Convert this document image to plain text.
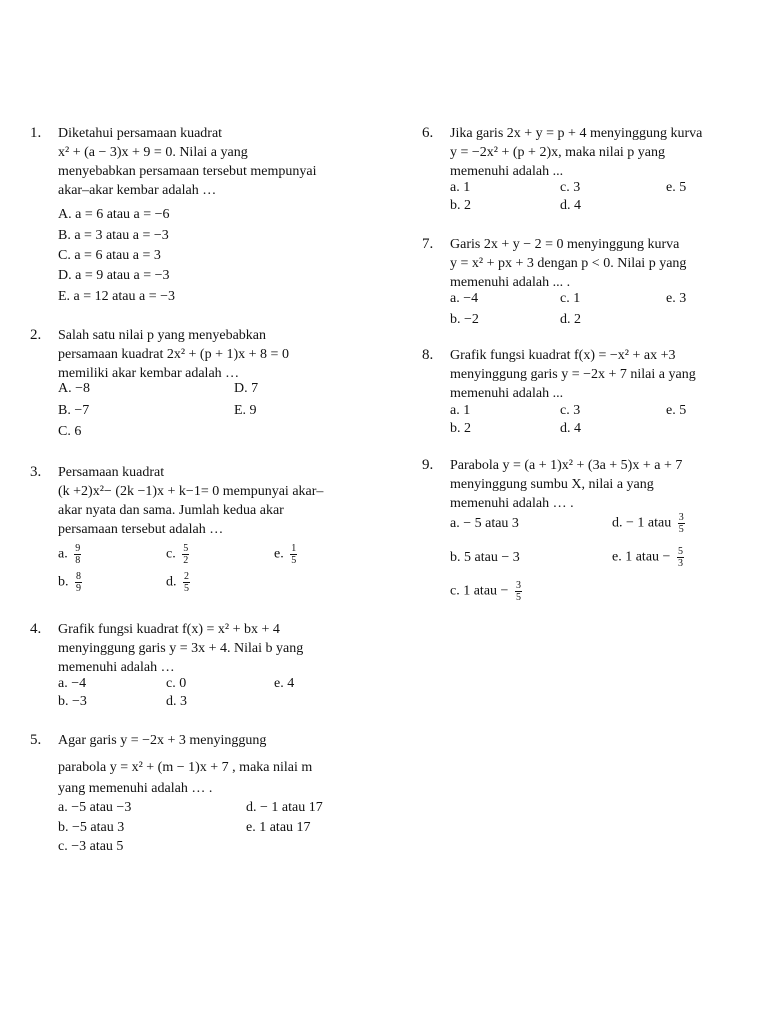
1. Diketahui persamaan kuadrat
x² + (a − 3)x + 9 = 0. Nilai a yang
menyebabkan persamaan tersebut mempunyai
akar–akar kembar adalah …
A. a = 6 atau a = −6
B. a = 3 atau a = −3
C. a = 6 atau a = 3
D. a = 9 atau a = −3
E. a = 12 atau a = −3
2. Salah satu nilai p yang menyebabkan
persamaan kuadrat 2x² + (p + 1)x + 8 = 0
memiliki akar kembar adalah …
A. −8	D. 7
B. −7	E. 9
C. 6
3. Persamaan kuadrat
(k +2)x²− (2k −1)x + k−1= 0 mempunyai akar–
akar nyata dan sama. Jumlah kedua akar
persamaan tersebut adalah …
a. $\frac{9}{8}$	c. $\frac{5}{2}$	e. $\frac{1}{5}$
b. $\frac{8}{9}$	d. $\frac{2}{5}$
4. Grafik fungsi kuadrat f(x) = x² + bx + 4
menyinggung garis y = 3x + 4. Nilai b yang
memenuhi adalah …
a. −4	c. 0	e. 4
b. −3	d. 3
5. Agar garis y = −2x + 3 menyinggung
parabola y = x² + (m − 1)x + 7 , maka nilai m
yang memenuhi adalah … .
a. −5 atau −3	d. − 1 atau 17
b. −5 atau 3	e. 1 atau 17
c. −3 atau 5
6. Jika garis 2x + y = p + 4 menyinggung kurva
y = −2x² + (p + 2)x, maka nilai p yang
memenuhi adalah ...
a. 1	c. 3	e. 5
b. 2	d. 4
7. Garis 2x + y − 2 = 0 menyinggung kurva
y = x² + px + 3 dengan p < 0. Nilai p yang
memenuhi adalah ... .
a. −4	c. 1	e. 3
b. −2	d. 2
8. Grafik fungsi kuadrat f(x) = −x² + ax +3
menyinggung garis y = −2x + 7 nilai a yang
memenuhi adalah ...
a. 1	c. 3	e. 5
b. 2	d. 4
9. Parabola y = (a + 1)x² + (3a + 5)x + a + 7
menyinggung sumbu X, nilai a yang
memenuhi adalah … .
a. − 5 atau 3	d. − 1 atau $\frac{3}{5}$
b. 5 atau − 3	e. 1 atau − $\frac{5}{3}$
c. 1 atau − $\frac{3}{5}$
